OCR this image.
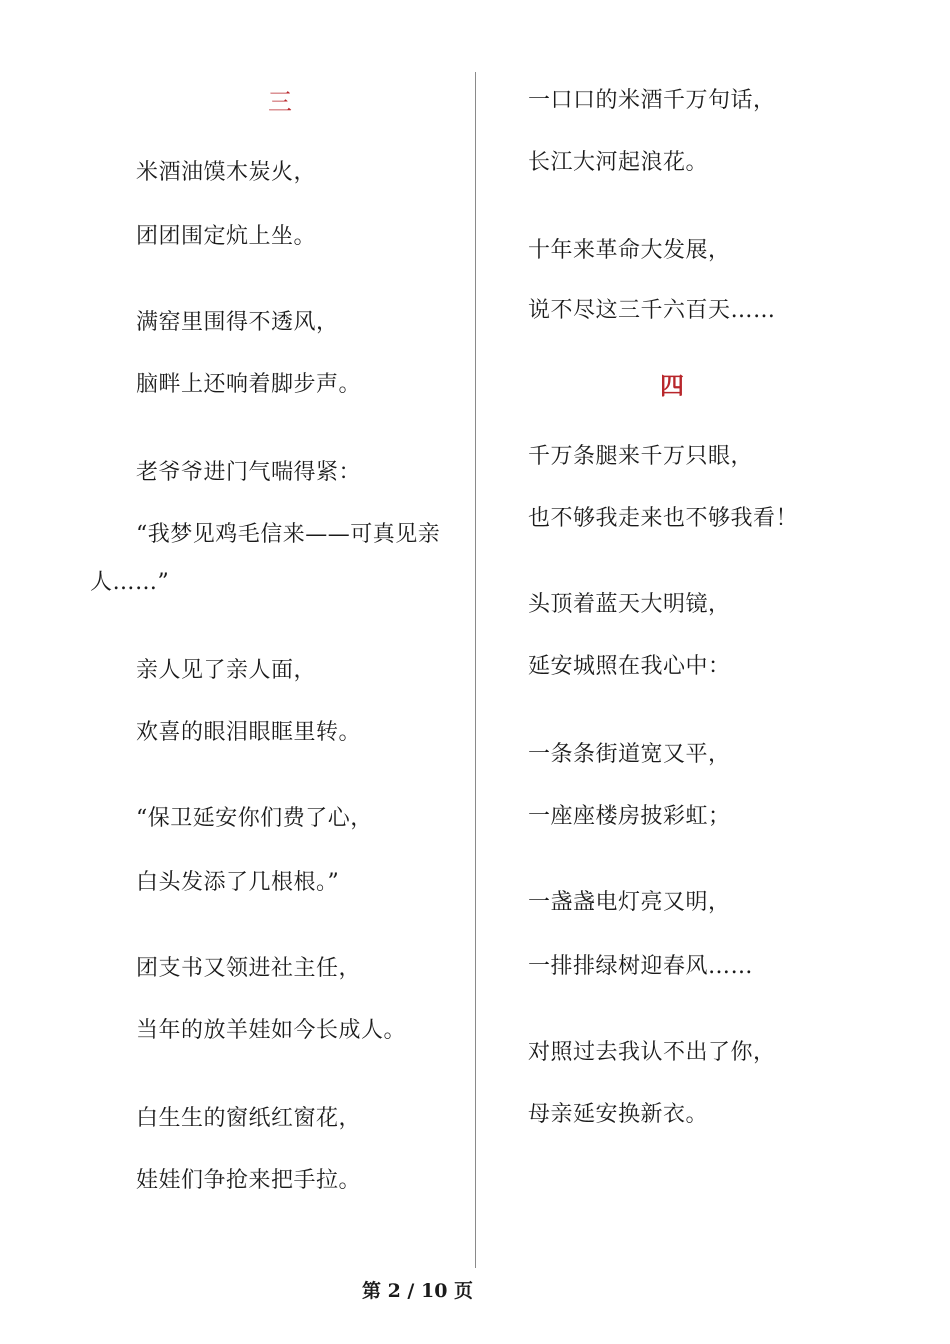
三
米酒油馍木炭火，
团团围定炕上坐。
满窑里围得不透风，
脑畔上还响着脚步声。
老爷爷进门气喘得紧：
“我梦见鸡毛信来——可真见亲
人……”
亲人见了亲人面，
欢喜的眼泪眼眶里转。
“保卫延安你们费了心，
白头发添了几根根。”
团支书又领进社主任，
当年的放羊娃如今长成人。
白生生的窗纸红窗花，
娃娃们争抢来把手拉。
一口口的米酒千万句话，
长江大河起浪花。
十年来革命大发展，
说不尽这三千六百天……
四
千万条腿来千万只眼，
也不够我走来也不够我看！
头顶着蓝天大明镜，
延安城照在我心中：
一条条街道宽又平，
一座座楼房披彩虹；
一盏盏电灯亮又明，
一排排绿树迎春风……
对照过去我认不出了你，
母亲延安换新衣。
第 2 / 10 页
